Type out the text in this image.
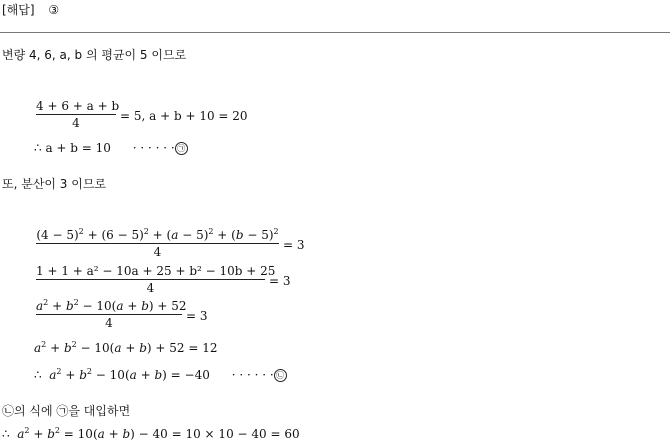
[해답] ③
변량 4, 6, a, b 의 평균이 5 이므로
4 + 6 + a + b
4	= 5, a + b + 10 = 20
∴ a + b = 10 · · · · · · ㉠
또, 분산이 3 이므로
$(4 - 5)^2 + (6 - 5)^2 + (a - 5)^2 + (b - 5)^2$
4	= 3
1 + 1 + a² − 10a + 25 + b² − 10b + 25
4	= 3
$a^2 + b^2 - 10(a + b) + 52$
4	= 3
$a^2 + b^2 - 10(a + b) + 52 = 12$
∴  $a^2 + b^2 - 10(a + b) = -40$ · · · · · · ㉡
㉡의 식에 ㉠을 대입하면
∴  $a^2 + b^2 = 10(a + b) - 40 = 10 \times 10 - 40 = 60$
